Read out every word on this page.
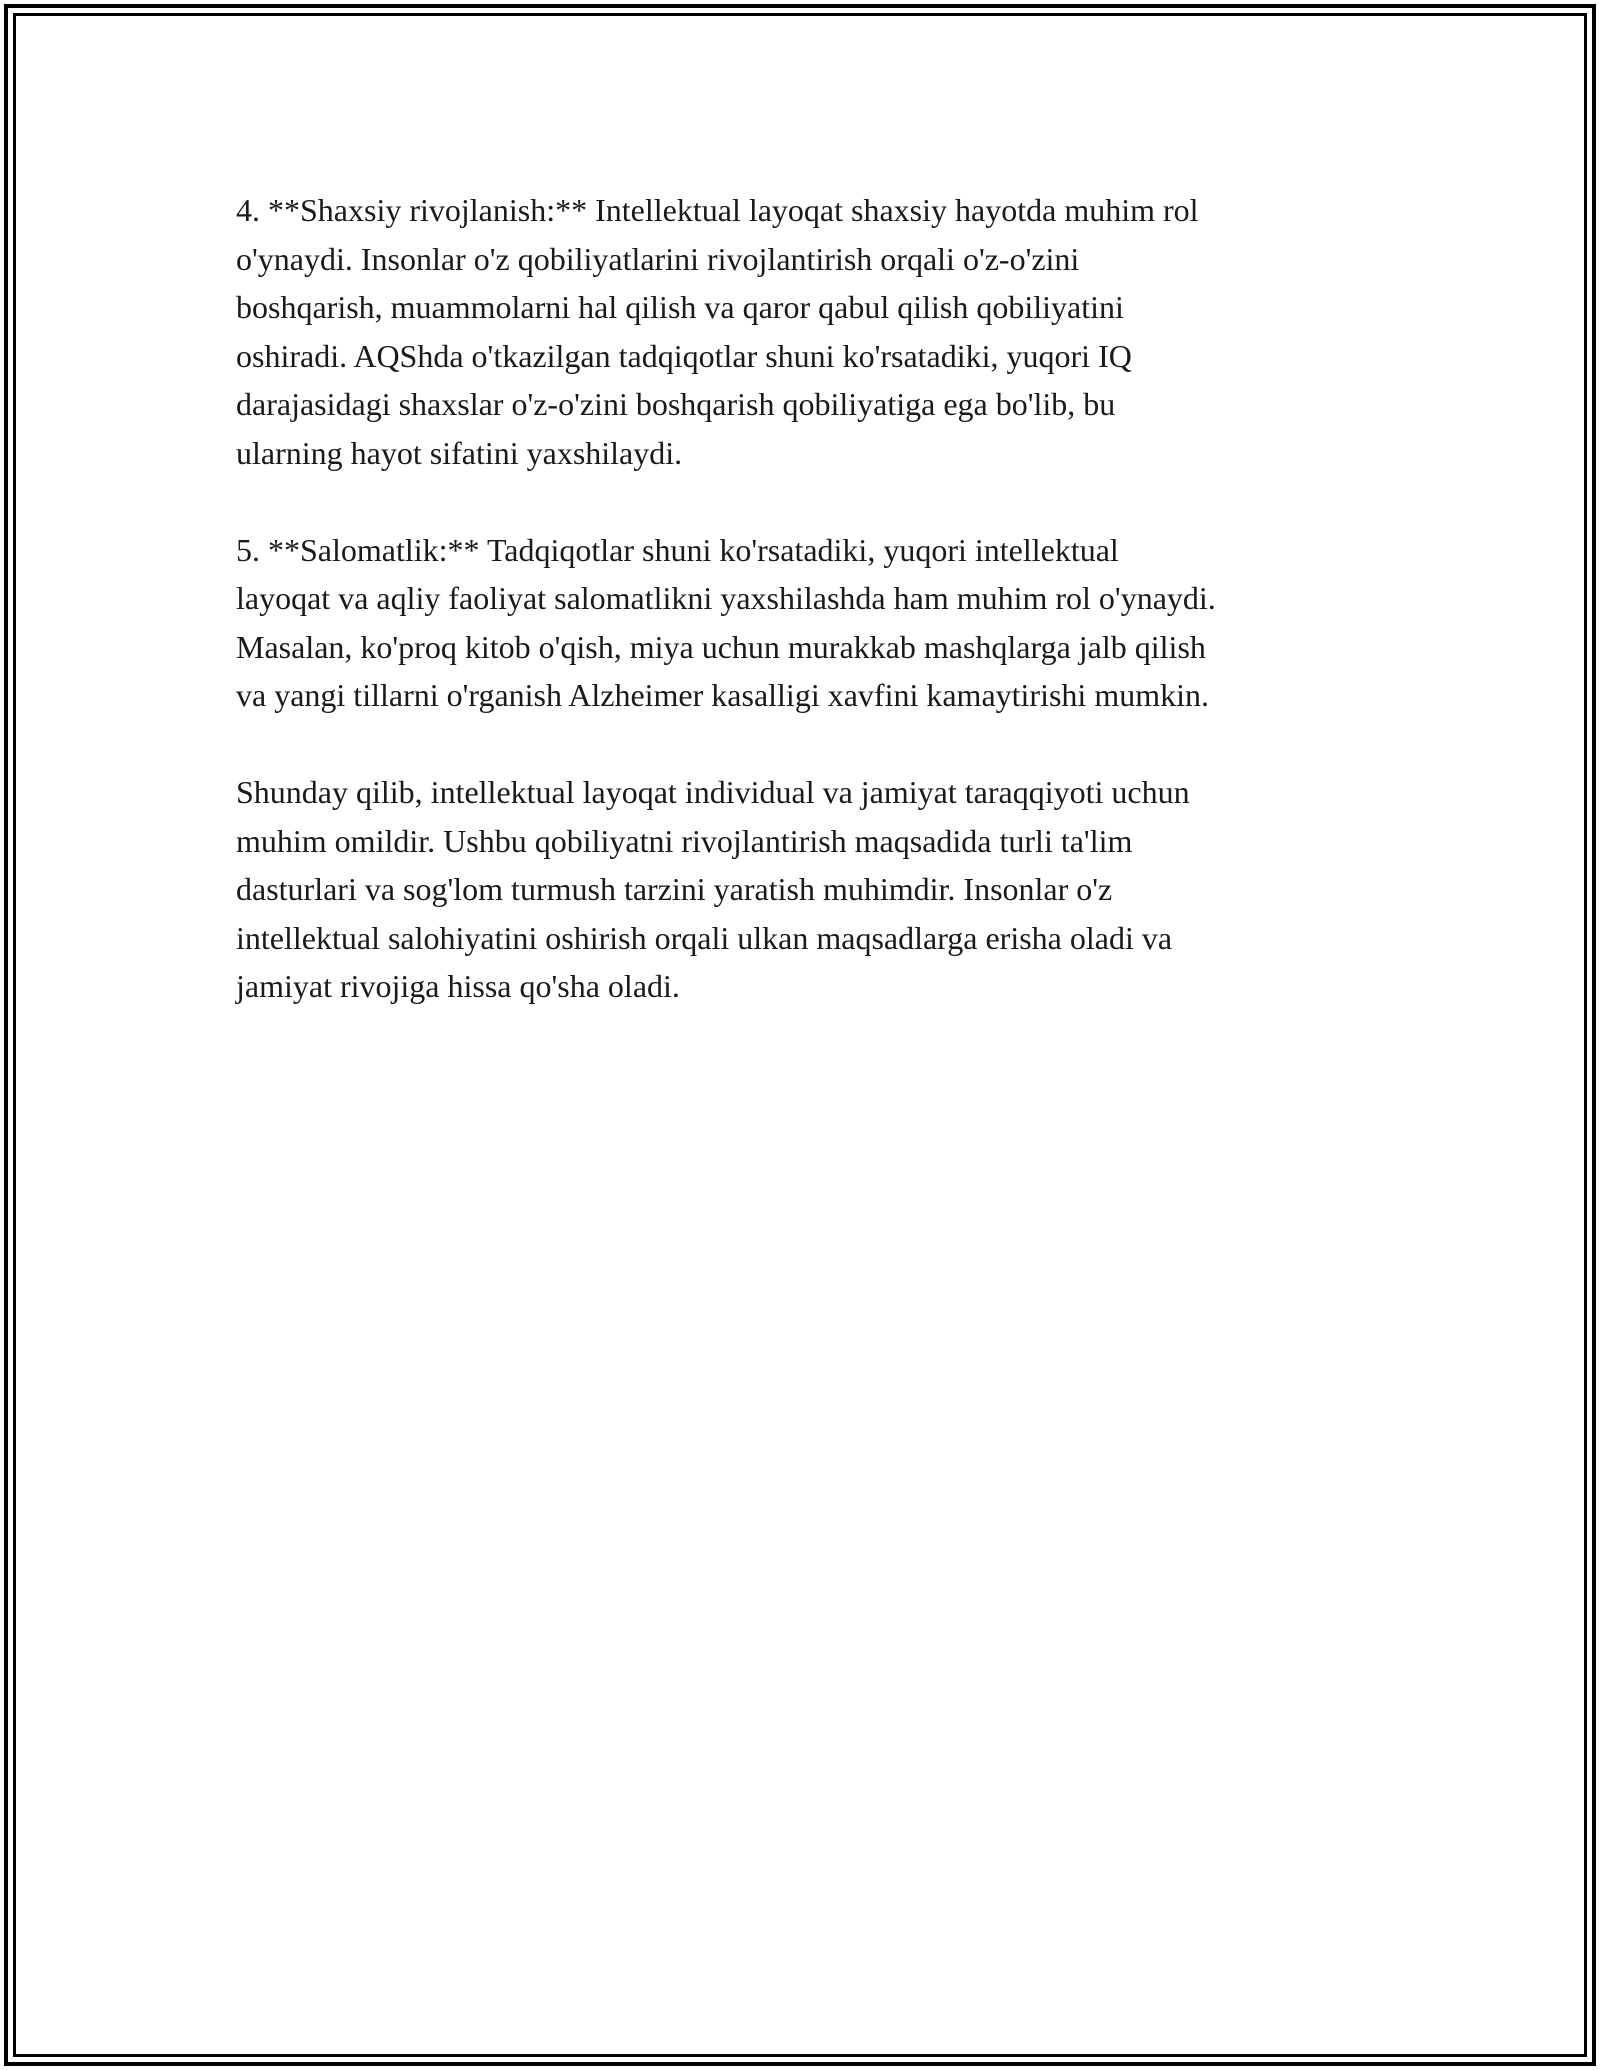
4. **Shaxsiy rivojlanish:** Intellektual layoqat shaxsiy hayotda muhim rol
o'ynaydi. Insonlar o'z qobiliyatlarini rivojlantirish orqali o'z-o'zini
boshqarish, muammolarni hal qilish va qaror qabul qilish qobiliyatini
oshiradi. AQShda o'tkazilgan tadqiqotlar shuni ko'rsatadiki, yuqori IQ
darajasidagi shaxslar o'z-o'zini boshqarish qobiliyatiga ega bo'lib, bu
ularning hayot sifatini yaxshilaydi.

5. **Salomatlik:** Tadqiqotlar shuni ko'rsatadiki, yuqori intellektual
layoqat va aqliy faoliyat salomatlikni yaxshilashda ham muhim rol o'ynaydi.
Masalan, ko'proq kitob o'qish, miya uchun murakkab mashqlarga jalb qilish
va yangi tillarni o'rganish Alzheimer kasalligi xavfini kamaytirishi mumkin.

Shunday qilib, intellektual layoqat individual va jamiyat taraqqiyoti uchun
muhim omildir. Ushbu qobiliyatni rivojlantirish maqsadida turli ta'lim
dasturlari va sog'lom turmush tarzini yaratish muhimdir. Insonlar o'z
intellektual salohiyatini oshirish orqali ulkan maqsadlarga erisha oladi va
jamiyat rivojiga hissa qo'sha oladi.
